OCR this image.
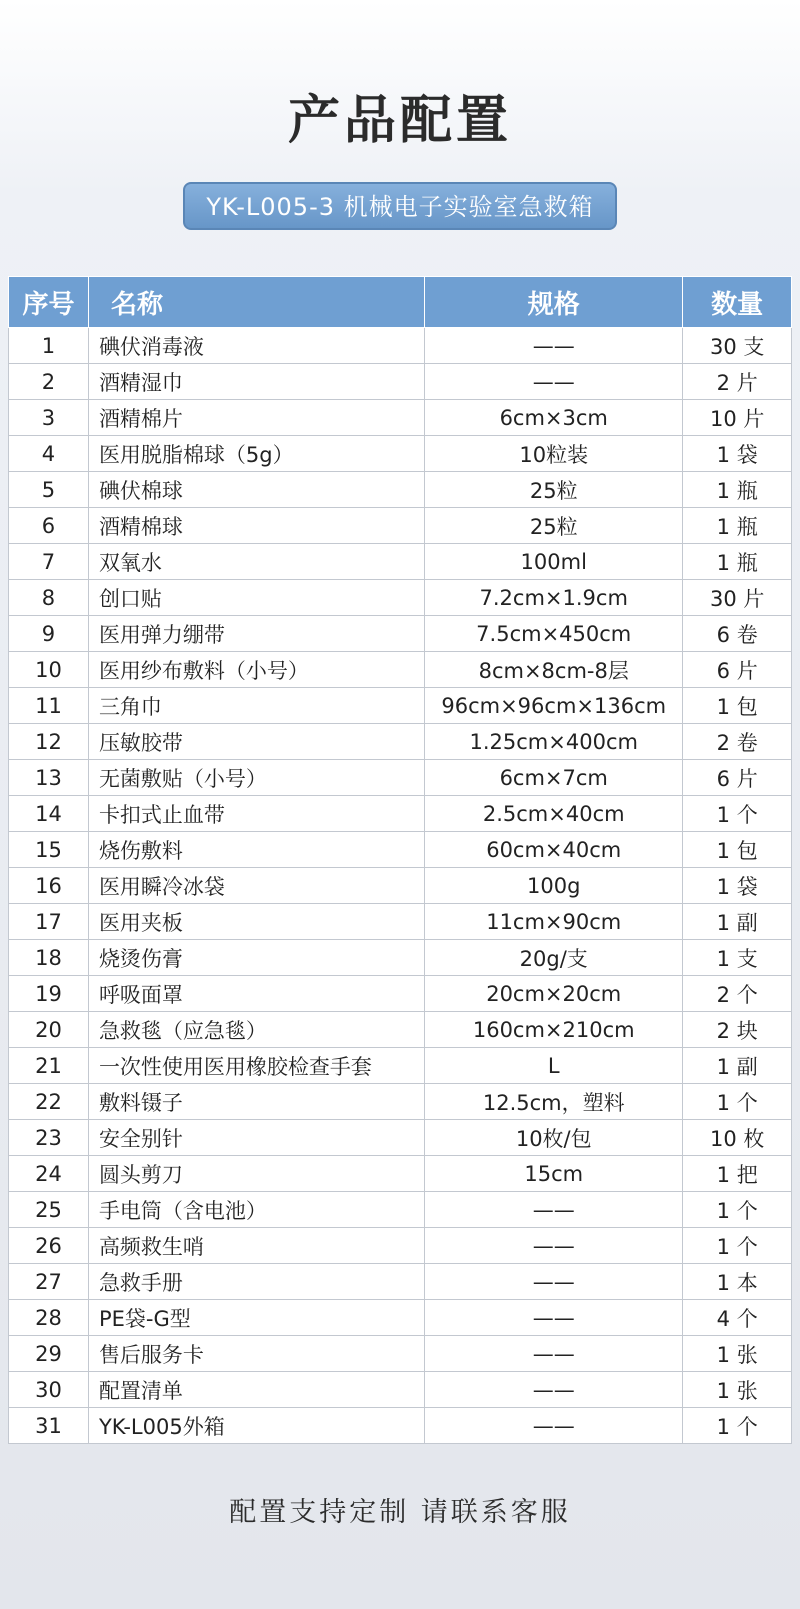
产品配置
YK-L005-3 机械电子实验室急救箱
序号	名称	规格	数量
1	碘伏消毒液	——	30 支
2	酒精湿巾	——	2 片
3	酒精棉片	6cm×3cm	10 片
4	医用脱脂棉球（5g）	10粒装	1 袋
5	碘伏棉球	25粒	1 瓶
6	酒精棉球	25粒	1 瓶
7	双氧水	100ml	1 瓶
8	创口贴	7.2cm×1.9cm	30 片
9	医用弹力绷带	7.5cm×450cm	6 卷
10	医用纱布敷料（小号）	8cm×8cm-8层	6 片
11	三角巾	96cm×96cm×136cm	1 包
12	压敏胶带	1.25cm×400cm	2 卷
13	无菌敷贴（小号）	6cm×7cm	6 片
14	卡扣式止血带	2.5cm×40cm	1 个
15	烧伤敷料	60cm×40cm	1 包
16	医用瞬冷冰袋	100g	1 袋
17	医用夹板	11cm×90cm	1 副
18	烧烫伤膏	20g/支	1 支
19	呼吸面罩	20cm×20cm	2 个
20	急救毯（应急毯）	160cm×210cm	2 块
21	一次性使用医用橡胶检查手套	L	1 副
22	敷料镊子	12.5cm，塑料	1 个
23	安全别针	10枚/包	10 枚
24	圆头剪刀	15cm	1 把
25	手电筒（含电池）	——	1 个
26	高频救生哨	——	1 个
27	急救手册	——	1 本
28	PE袋-G型	——	4 个
29	售后服务卡	——	1 张
30	配置清单	——	1 张
31	YK-L005外箱	——	1 个
配置支持定制 请联系客服
